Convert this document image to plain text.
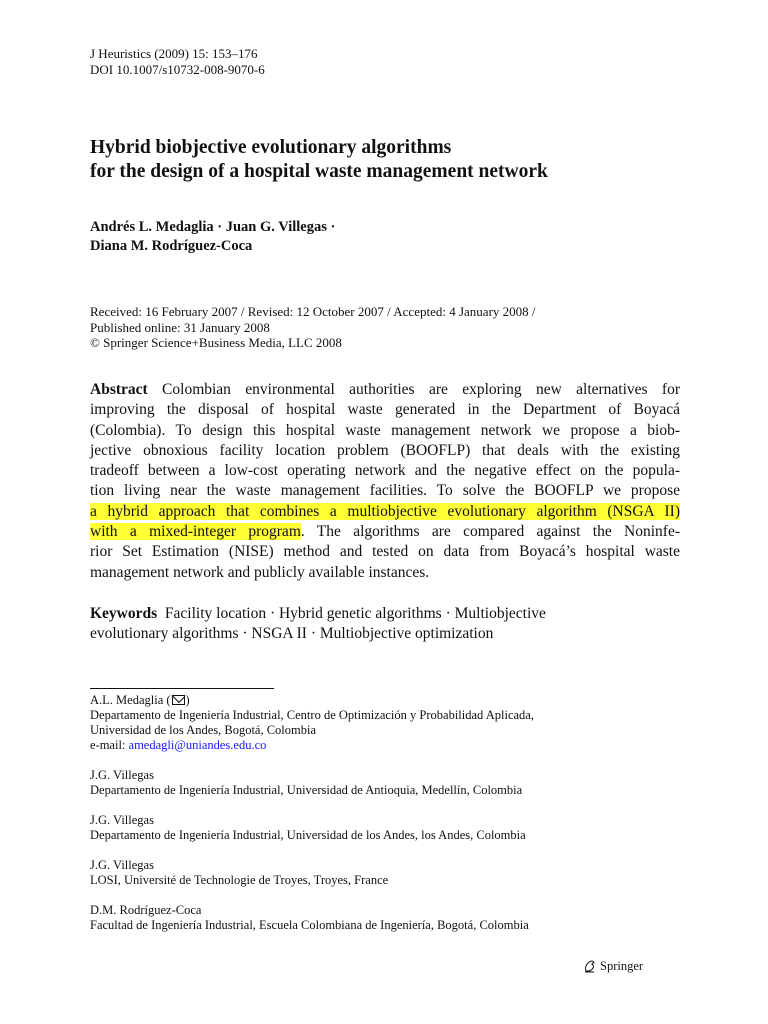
J Heuristics (2009) 15: 153–176
DOI 10.1007/s10732-008-9070-6
Hybrid biobjective evolutionary algorithms
for the design of a hospital waste management network
Andrés L. Medaglia · Juan G. Villegas ·
Diana M. Rodríguez-Coca
Received: 16 February 2007 / Revised: 12 October 2007 / Accepted: 4 January 2008 /
Published online: 31 January 2008
© Springer Science+Business Media, LLC 2008
Abstract Colombian environmental authorities are exploring new alternatives for
improving the disposal of hospital waste generated in the Department of Boyacá
(Colombia). To design this hospital waste management network we propose a biob-
jective obnoxious facility location problem (BOOFLP) that deals with the existing
tradeoff between a low-cost operating network and the negative effect on the popula-
tion living near the waste management facilities. To solve the BOOFLP we propose
a hybrid approach that combines a multiobjective evolutionary algorithm (NSGA II)
with a mixed-integer program. The algorithms are compared against the Noninfe-
rior Set Estimation (NISE) method and tested on data from Boyacá’s hospital waste
management network and publicly available instances.
Keywords Facility location · Hybrid genetic algorithms · Multiobjective
evolutionary algorithms · NSGA II · Multiobjective optimization
A.L. Medaglia ( )
Departamento de Ingeniería Industrial, Centro de Optimización y Probabilidad Aplicada,
Universidad de los Andes, Bogotá, Colombia
e-mail: amedagli@uniandes.edu.co
J.G. Villegas
Departamento de Ingeniería Industrial, Universidad de Antioquia, Medellín, Colombia
J.G. Villegas
Departamento de Ingeniería Industrial, Universidad de los Andes, los Andes, Colombia
J.G. Villegas
LOSI, Université de Technologie de Troyes, Troyes, France
D.M. Rodríguez-Coca
Facultad de Ingeniería Industrial, Escuela Colombiana de Ingeniería, Bogotá, Colombia
Springer
